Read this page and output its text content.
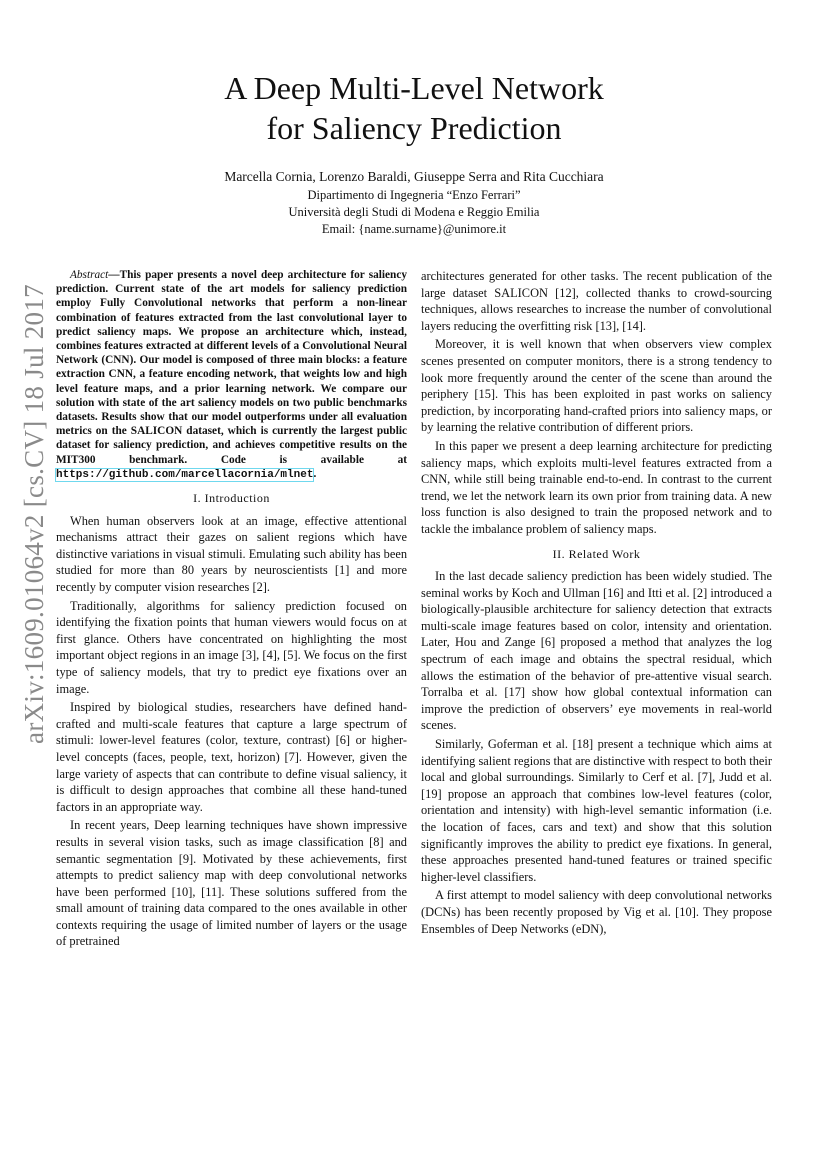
A Deep Multi-Level Network
for Saliency Prediction
Marcella Cornia, Lorenzo Baraldi, Giuseppe Serra and Rita Cucchiara
Dipartimento di Ingegneria “Enzo Ferrari”
Università degli Studi di Modena e Reggio Emilia
Email: {name.surname}@unimore.it
arXiv:1609.01064v2 [cs.CV] 18 Jul 2017

Abstract—This paper presents a novel deep architecture for saliency prediction. Current state of the art models for saliency prediction employ Fully Convolutional networks that perform a non-linear combination of features extracted from the last convolutional layer to predict saliency maps. We propose an architecture which, instead, combines features extracted at different levels of a Convolutional Neural Network (CNN). Our model is composed of three main blocks: a feature extraction CNN, a feature encoding network, that weights low and high level feature maps, and a prior learning network. We compare our solution with state of the art saliency models on two public benchmarks datasets. Results show that our model outperforms under all evaluation metrics on the SALICON dataset, which is currently the largest public dataset for saliency prediction, and achieves competitive results on the MIT300 benchmark. Code is available at https://github.com/marcellacornia/mlnet.

I. Introduction

When human observers look at an image, effective attentional mechanisms attract their gazes on salient regions which have distinctive variations in visual stimuli. Emulating such ability has been studied for more than 80 years by neuroscientists [1] and more recently by computer vision researches [2].

Traditionally, algorithms for saliency prediction focused on identifying the fixation points that human viewers would focus on at first glance. Others have concentrated on highlighting the most important object regions in an image [3], [4], [5]. We focus on the first type of saliency models, that try to predict eye fixations over an image.

Inspired by biological studies, researchers have defined hand-crafted and multi-scale features that capture a large spectrum of stimuli: lower-level features (color, texture, contrast) [6] or higher-level concepts (faces, people, text, horizon) [7]. However, given the large variety of aspects that can contribute to define visual saliency, it is difficult to design approaches that combine all these hand-tuned factors in an appropriate way.

In recent years, Deep learning techniques have shown impressive results in several vision tasks, such as image classification [8] and semantic segmentation [9]. Motivated by these achievements, first attempts to predict saliency map with deep convolutional networks have been performed [10], [11]. These solutions suffered from the small amount of training data compared to the ones available in other contexts requiring the usage of limited number of layers or the usage of pretrained

architectures generated for other tasks. The recent publication of the large dataset SALICON [12], collected thanks to crowd-sourcing techniques, allows researches to increase the number of convolutional layers reducing the overfitting risk [13], [14].

Moreover, it is well known that when observers view complex scenes presented on computer monitors, there is a strong tendency to look more frequently around the center of the scene than around the periphery [15]. This has been exploited in past works on saliency prediction, by incorporating hand-crafted priors into saliency maps, or by learning the relative contribution of different priors.

In this paper we present a deep learning architecture for predicting saliency maps, which exploits multi-level features extracted from a CNN, while still being trainable end-to-end. In contrast to the current trend, we let the network learn its own prior from training data. A new loss function is also designed to train the proposed network and to tackle the imbalance problem of saliency maps.

II. Related Work

In the last decade saliency prediction has been widely studied. The seminal works by Koch and Ullman [16] and Itti et al. [2] introduced a biologically-plausible architecture for saliency detection that extracts multi-scale image features based on color, intensity and orientation. Later, Hou and Zange [6] proposed a method that analyzes the log spectrum of each image and obtains the spectral residual, which allows the estimation of the behavior of pre-attentive visual search. Torralba et al. [17] show how global contextual information can improve the prediction of observers’ eye movements in real-world scenes.

Similarly, Goferman et al. [18] present a technique which aims at identifying salient regions that are distinctive with respect to both their local and global surroundings. Similarly to Cerf et al. [7], Judd et al. [19] propose an approach that combines low-level features (color, orientation and intensity) with high-level semantic information (i.e. the location of faces, cars and text) and show that this solution significantly improves the ability to predict eye fixations. In general, these approaches presented hand-tuned features or trained specific higher-level classifiers.

A first attempt to model saliency with deep convolutional networks (DCNs) has been recently proposed by Vig et al. [10]. They propose Ensembles of Deep Networks (eDN),
